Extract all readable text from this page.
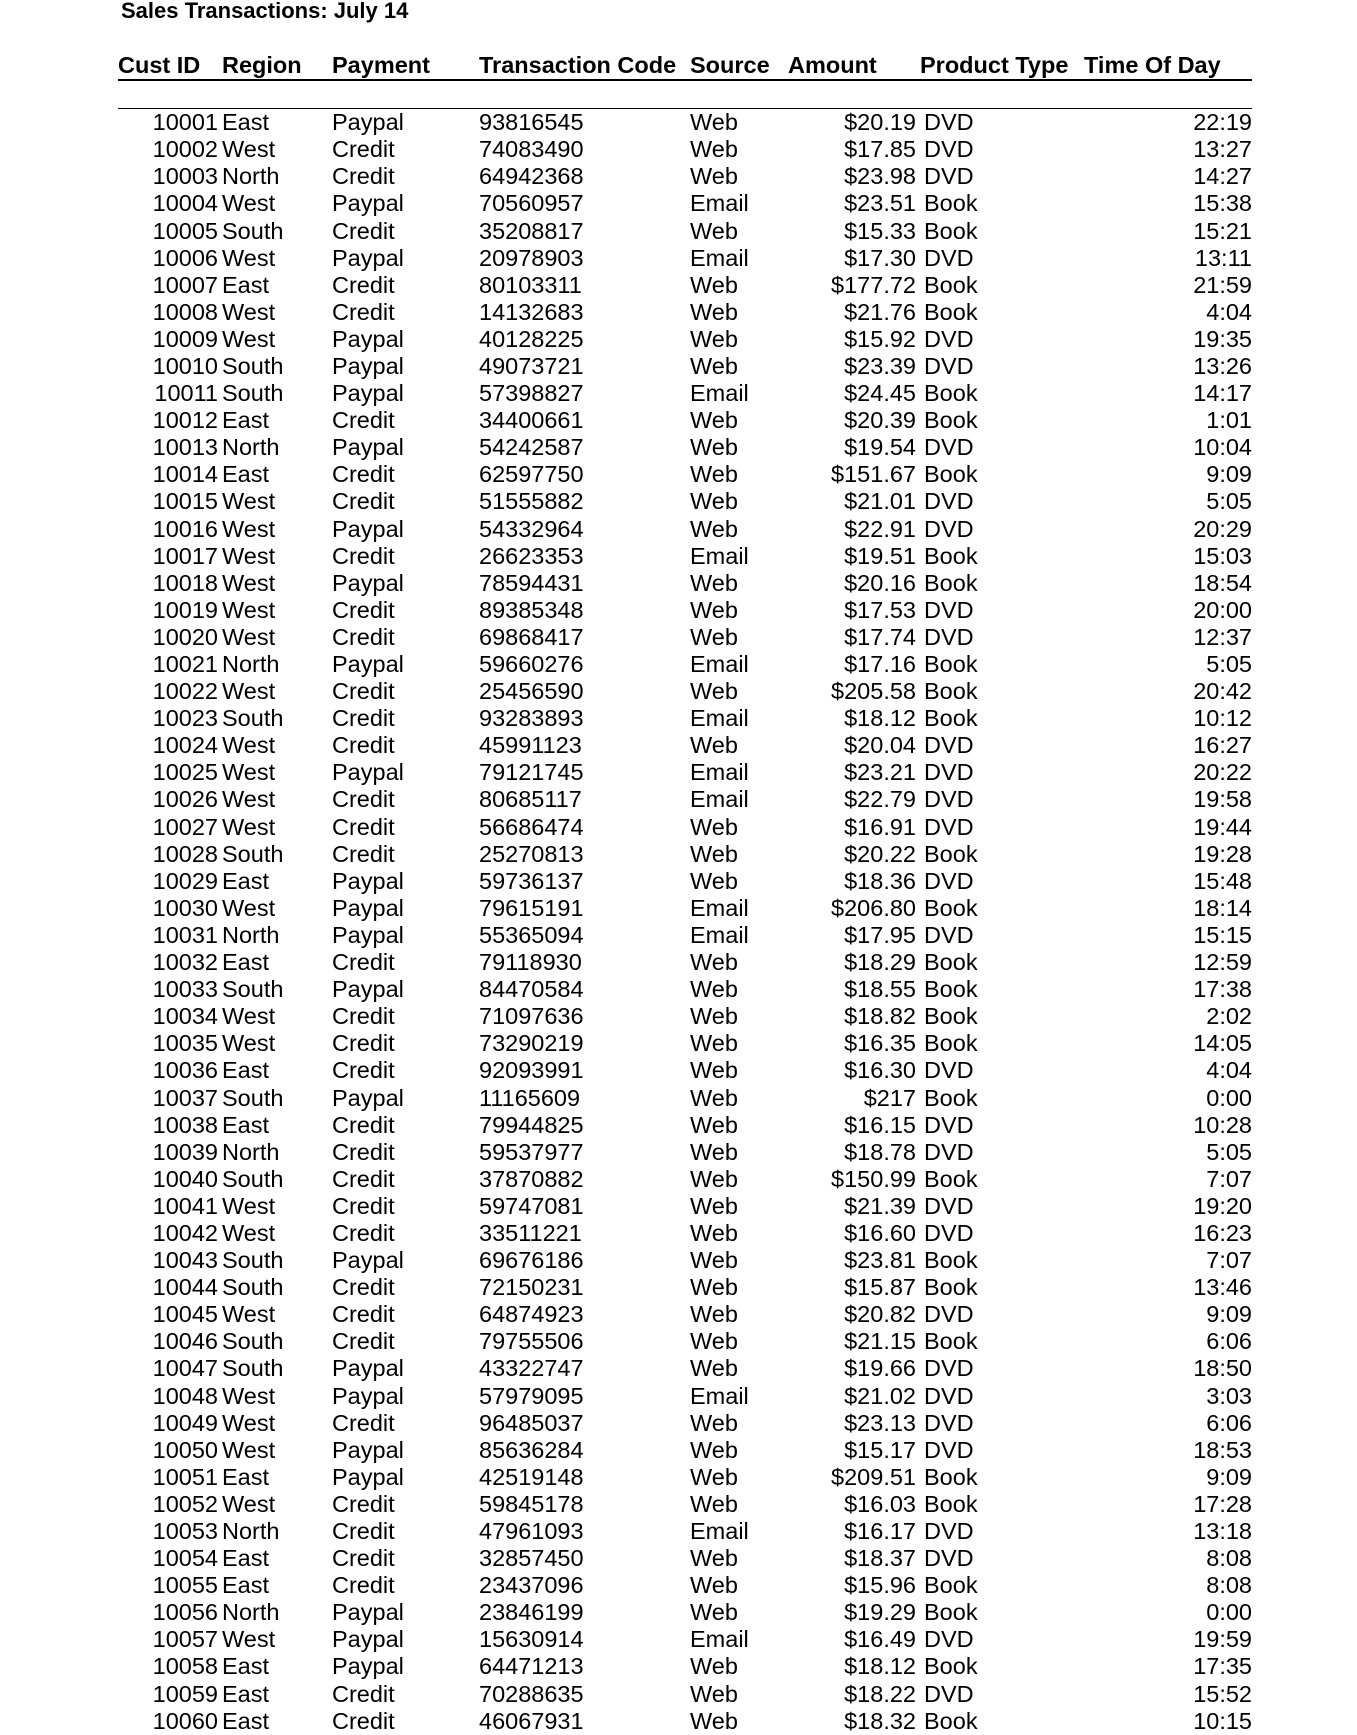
Sales Transactions: July 14
Cust ID	Region	Payment	Transaction Code	Source	Amount	Product Type	Time Of Day

10001	East	Paypal	93816545	Web	$20.19	DVD	22:19
10002	West	Credit	74083490	Web	$17.85	DVD	13:27
10003	North	Credit	64942368	Web	$23.98	DVD	14:27
10004	West	Paypal	70560957	Email	$23.51	Book	15:38
10005	South	Credit	35208817	Web	$15.33	Book	15:21
10006	West	Paypal	20978903	Email	$17.30	DVD	13:11
10007	East	Credit	80103311	Web	$177.72	Book	21:59
10008	West	Credit	14132683	Web	$21.76	Book	4:04
10009	West	Paypal	40128225	Web	$15.92	DVD	19:35
10010	South	Paypal	49073721	Web	$23.39	DVD	13:26
10011	South	Paypal	57398827	Email	$24.45	Book	14:17
10012	East	Credit	34400661	Web	$20.39	Book	1:01
10013	North	Paypal	54242587	Web	$19.54	DVD	10:04
10014	East	Credit	62597750	Web	$151.67	Book	9:09
10015	West	Credit	51555882	Web	$21.01	DVD	5:05
10016	West	Paypal	54332964	Web	$22.91	DVD	20:29
10017	West	Credit	26623353	Email	$19.51	Book	15:03
10018	West	Paypal	78594431	Web	$20.16	Book	18:54
10019	West	Credit	89385348	Web	$17.53	DVD	20:00
10020	West	Credit	69868417	Web	$17.74	DVD	12:37
10021	North	Paypal	59660276	Email	$17.16	Book	5:05
10022	West	Credit	25456590	Web	$205.58	Book	20:42
10023	South	Credit	93283893	Email	$18.12	Book	10:12
10024	West	Credit	45991123	Web	$20.04	DVD	16:27
10025	West	Paypal	79121745	Email	$23.21	DVD	20:22
10026	West	Credit	80685117	Email	$22.79	DVD	19:58
10027	West	Credit	56686474	Web	$16.91	DVD	19:44
10028	South	Credit	25270813	Web	$20.22	Book	19:28
10029	East	Paypal	59736137	Web	$18.36	DVD	15:48
10030	West	Paypal	79615191	Email	$206.80	Book	18:14
10031	North	Paypal	55365094	Email	$17.95	DVD	15:15
10032	East	Credit	79118930	Web	$18.29	Book	12:59
10033	South	Paypal	84470584	Web	$18.55	Book	17:38
10034	West	Credit	71097636	Web	$18.82	Book	2:02
10035	West	Credit	73290219	Web	$16.35	Book	14:05
10036	East	Credit	92093991	Web	$16.30	DVD	4:04
10037	South	Paypal	11165609	Web	$217	Book	0:00
10038	East	Credit	79944825	Web	$16.15	DVD	10:28
10039	North	Credit	59537977	Web	$18.78	DVD	5:05
10040	South	Credit	37870882	Web	$150.99	Book	7:07
10041	West	Credit	59747081	Web	$21.39	DVD	19:20
10042	West	Credit	33511221	Web	$16.60	DVD	16:23
10043	South	Paypal	69676186	Web	$23.81	Book	7:07
10044	South	Credit	72150231	Web	$15.87	Book	13:46
10045	West	Credit	64874923	Web	$20.82	DVD	9:09
10046	South	Credit	79755506	Web	$21.15	Book	6:06
10047	South	Paypal	43322747	Web	$19.66	DVD	18:50
10048	West	Paypal	57979095	Email	$21.02	DVD	3:03
10049	West	Credit	96485037	Web	$23.13	DVD	6:06
10050	West	Paypal	85636284	Web	$15.17	DVD	18:53
10051	East	Paypal	42519148	Web	$209.51	Book	9:09
10052	West	Credit	59845178	Web	$16.03	Book	17:28
10053	North	Credit	47961093	Email	$16.17	DVD	13:18
10054	East	Credit	32857450	Web	$18.37	DVD	8:08
10055	East	Credit	23437096	Web	$15.96	Book	8:08
10056	North	Paypal	23846199	Web	$19.29	Book	0:00
10057	West	Paypal	15630914	Email	$16.49	DVD	19:59
10058	East	Paypal	64471213	Web	$18.12	Book	17:35
10059	East	Credit	70288635	Web	$18.22	DVD	15:52
10060	East	Credit	46067931	Web	$18.32	Book	10:15
